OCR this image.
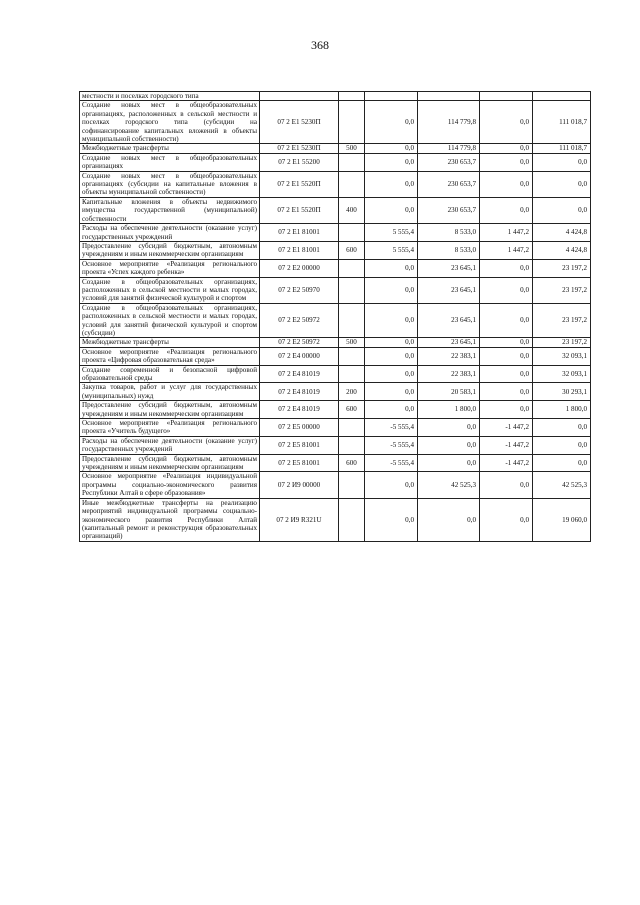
368
местности и поселках городского типа						
Создание новых мест в общеобразовательных организациях, расположенных в сельской местности и поселках городского типа (субсидии на софинансирование капитальных вложений в объекты муниципальной собственности)	07 2 E1 5230П		0,0	114 779,8	0,0	111 018,7
Межбюджетные трансферты	07 2 E1 5230П	500	0,0	114 779,8	0,0	111 018,7
Создание новых мест в общеобразовательных организациях	07 2 E1 55200		0,0	230 653,7	0,0	0,0
Создание новых мест в общеобразовательных организациях (субсидии на капитальные вложения в объекты муниципальной собственности)	07 2 E1 5520П		0,0	230 653,7	0,0	0,0
Капитальные вложения в объекты недвижимого имущества государственной (муниципальной) собственности	07 2 E1 5520П	400	0,0	230 653,7	0,0	0,0
Расходы на обеспечение деятельности (оказание услуг) государственных учреждений	07 2 E1 81001		5 555,4	8 533,0	1 447,2	4 424,8
Предоставление субсидий бюджетным, автономным учреждениям и иным некоммерческим организациям	07 2 E1 81001	600	5 555,4	8 533,0	1 447,2	4 424,8
Основное мероприятие «Реализация регионального проекта «Успех каждого ребенка»	07 2 E2 00000		0,0	23 645,1	0,0	23 197,2
Создание в общеобразовательных организациях, расположенных в сельской местности и малых городах, условий для занятий физической культурой и спортом	07 2 E2 50970		0,0	23 645,1	0,0	23 197,2
Создание в общеобразовательных организациях, расположенных в сельской местности и малых городах, условий для занятий физической культурой и спортом (субсидии)	07 2 E2 50972		0,0	23 645,1	0,0	23 197,2
Межбюджетные трансферты	07 2 E2 50972	500	0,0	23 645,1	0,0	23 197,2
Основное мероприятие «Реализация регионального проекта «Цифровая образовательная среда»	07 2 E4 00000		0,0	22 383,1	0,0	32 093,1
Создание современной и безопасной цифровой образовательной среды	07 2 E4 81019		0,0	22 383,1	0,0	32 093,1
Закупка товаров, работ и услуг для государственных (муниципальных) нужд	07 2 E4 81019	200	0,0	20 583,1	0,0	30 293,1
Предоставление субсидий бюджетным, автономным учреждениям и иным некоммерческим организациям	07 2 E4 81019	600	0,0	1 800,0	0,0	1 800,0
Основное мероприятие «Реализация регионального проекта «Учитель будущего»	07 2 E5 00000		-5 555,4	0,0	-1 447,2	0,0
Расходы на обеспечение деятельности (оказание услуг) государственных учреждений	07 2 E5 81001		-5 555,4	0,0	-1 447,2	0,0
Предоставление субсидий бюджетным, автономным учреждениям и иным некоммерческим организациям	07 2 E5 81001	600	-5 555,4	0,0	-1 447,2	0,0
Основное мероприятие «Реализация индивидуальной программы социально-экономического развития Республики Алтай в сфере образования»	07 2 И9 00000		0,0	42 525,3	0,0	42 525,3
Иные межбюджетные трансферты на реализацию мероприятий индивидуальной программы социально-экономического развития Республики Алтай (капитальный ремонт и реконструкция образовательных организаций)	07 2 И9 R321U		0,0	0,0	0,0	19 060,0
